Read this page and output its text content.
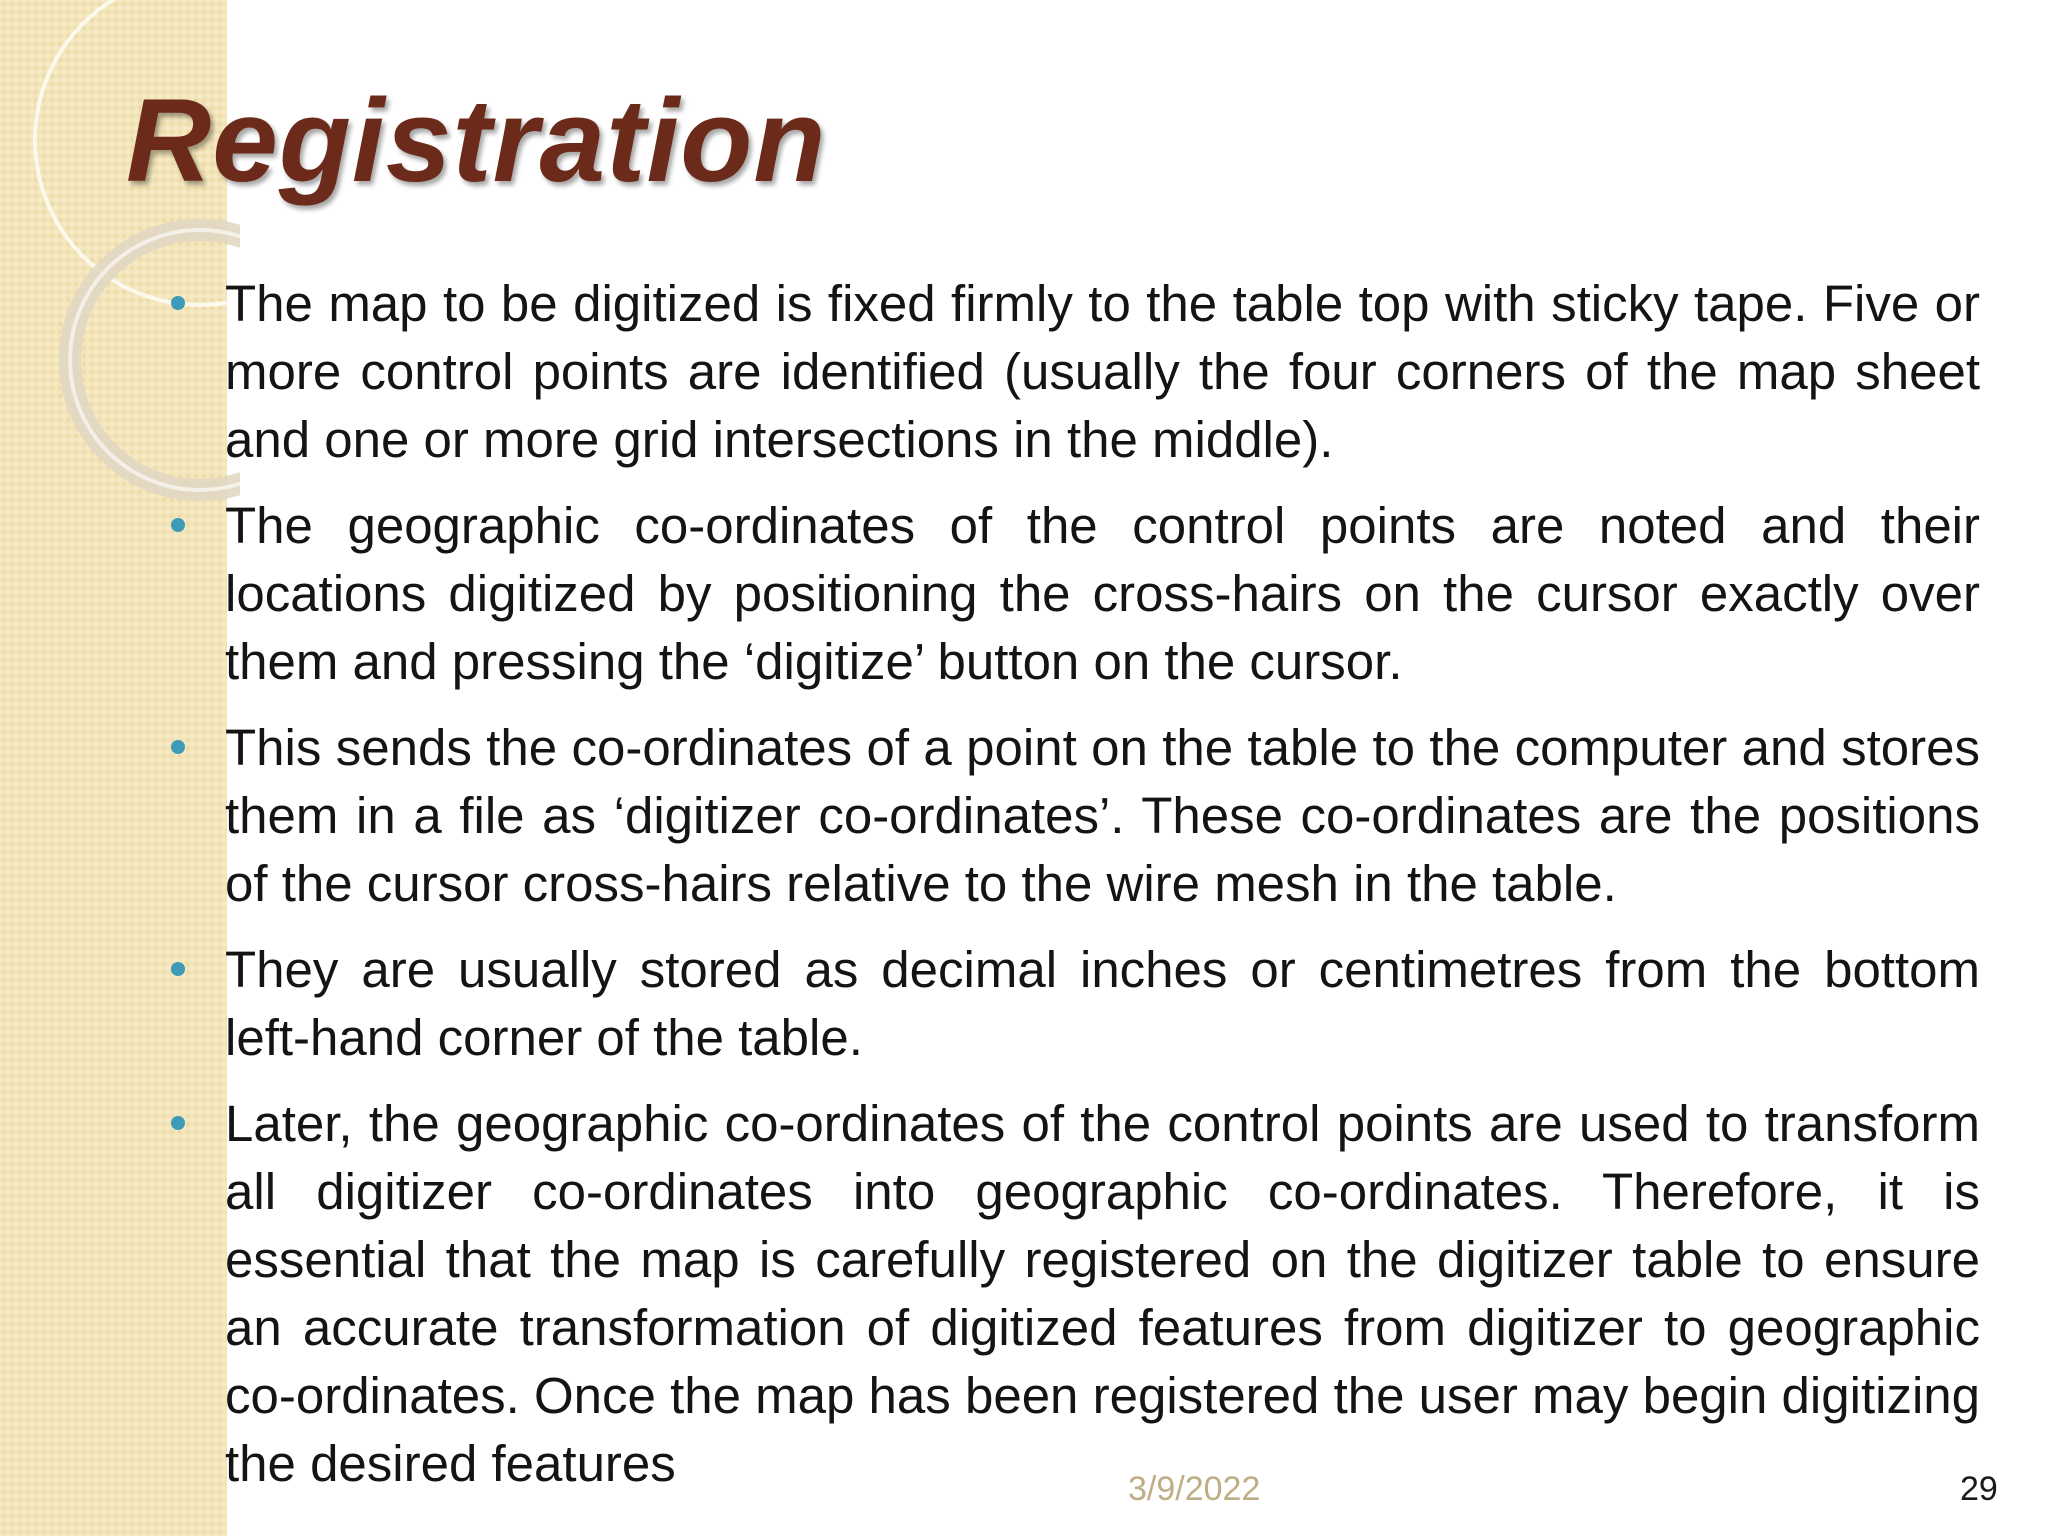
Registration
The map to be digitized is fixed firmly to the table top with sticky tape. Five or more control points are identified (usually the four corners of the map sheet and one or more grid intersections in the middle).
The geographic co-ordinates of the control points are noted and their locations digitized by positioning the cross-hairs on the cursor exactly over them and pressing the ‘digitize’ button on the cursor.
This sends the co-ordinates of a point on the table to the computer and stores them in a file as ‘digitizer co-ordinates’. These co-ordinates are the positions of the cursor cross-hairs relative to the wire mesh in the table.
They are usually stored as decimal inches or centimetres from the bottom left-hand corner of the table.
Later, the geographic co-ordinates of the control points are used to transform all digitizer co-ordinates into geographic co-ordinates. Therefore, it is essential that the map is carefully registered on the digitizer table to ensure an accurate transformation of digitized features from digitizer to geographic co-ordinates. Once the map has been registered the user may begin digitizing the desired features	3/9/2022	29
